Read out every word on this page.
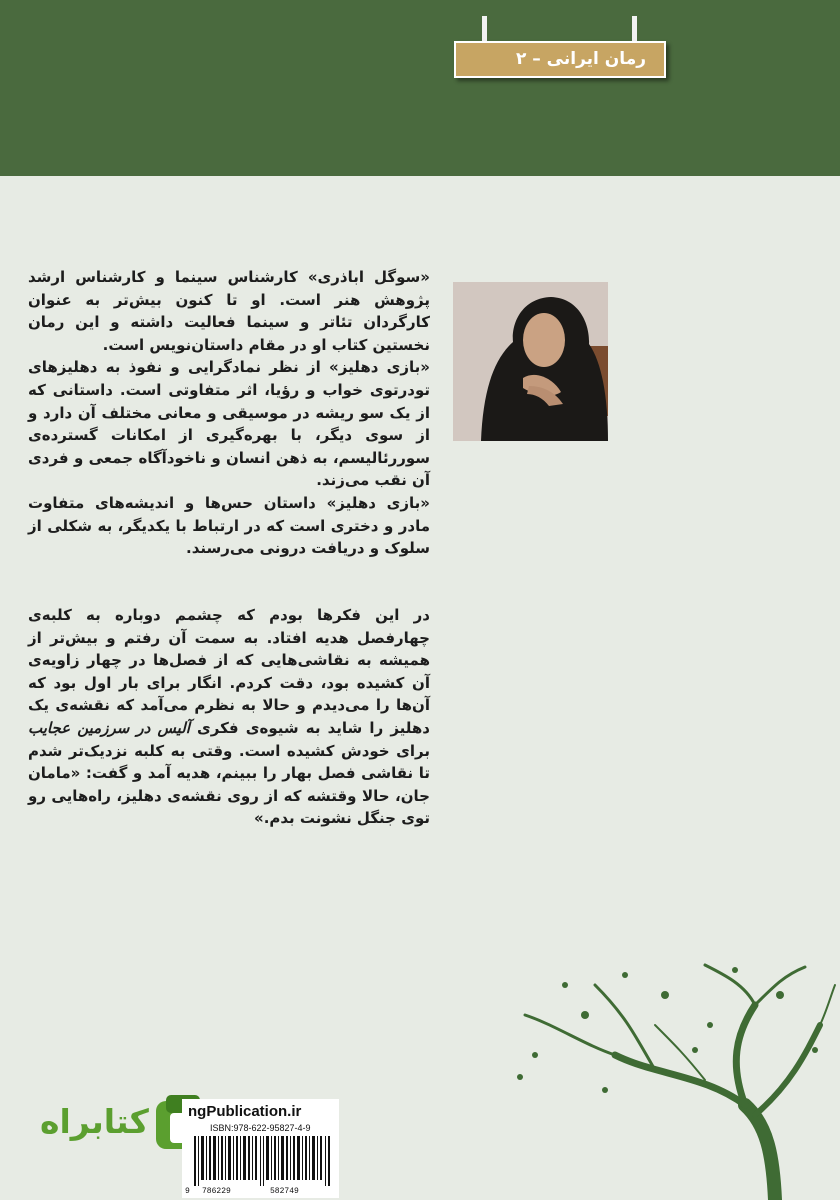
رمان ایرانی – ۲

«سوگل اباذری» کارشناس سینما و کارشناس ارشد پژوهش هنر است. او تا کنون بیش‌تر به عنوان کارگردان تئاتر و سینما فعالیت داشته و این رمان نخستین کتاب او در مقام داستان‌نویس است.

«بازی دهلیز» از نظر نمادگرایی و نفوذ به دهلیزهای تودرتوی خواب و رؤیا، اثر متفاوتی است. داستانی که از یک سو ریشه در موسیقی و معانی مختلف آن دارد و از سوی دیگر، با بهره‌گیری از امکانات گسترده‌ی سوررئالیسم، به ذهن انسان و ناخودآگاه جمعی و فردی آن نقب می‌زند.

«بازی دهلیز» داستان حس‌ها و اندیشه‌های متفاوت مادر و دختری است که در ارتباط با یکدیگر، به شکلی از سلوک و دریافت درونی می‌رسند.

در این فکرها بودم که چشمم دوباره به کلبه‌ی چهارفصل هدیه افتاد. به سمت آن رفتم و بیش‌تر از همیشه به نقاشی‌هایی که از فصل‌ها در چهار زاویه‌ی آن کشیده بود، دقت کردم. انگار برای بار اول بود که آن‌ها را می‌دیدم و حالا به نظرم می‌آمد که نقشه‌ی یک دهلیز را شاید به شیوه‌ی فکری آلیس در سرزمین عجایب برای خودش کشیده است. وقتی به کلبه نزدیک‌تر شدم تا نقاشی فصل بهار را ببینم، هدیه آمد و گفت: «مامان جان، حالا وقتشه که از روی نقشه‌ی دهلیز، راه‌هایی رو توی جنگل نشونت بدم.»

کتابراه	ngPublication.ir
ISBN:978-622-95827-4-9
9 786229	582749
